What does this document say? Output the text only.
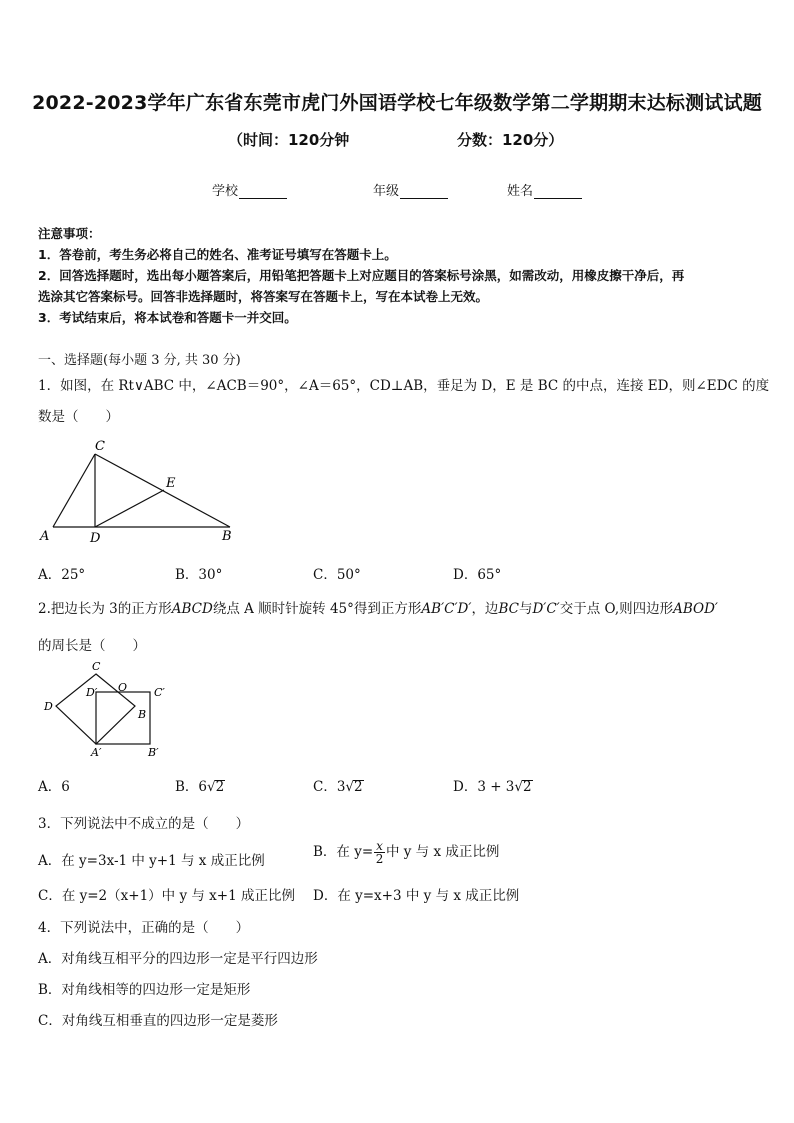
2022-2023学年广东省东莞市虎门外国语学校七年级数学第二学期期末达标测试试题
（时间：120分钟	分数：120分）
学校	年级	姓名
注意事项：
1．答卷前，考生务必将自己的姓名、准考证号填写在答题卡上。
2．回答选择题时，选出每小题答案后，用铅笔把答题卡上对应题目的答案标号涂黑，如需改动，用橡皮擦干净后，再
选涂其它答案标号。回答非选择题时，将答案写在答题卡上，写在本试卷上无效。
3．考试结束后，将本试卷和答题卡一并交回。
一、选择题(每小题 3 分, 共 30 分)
1．如图，在 Rt∨ABC 中，∠ACB＝90°，∠A＝65°，CD⊥AB，垂足为 D，E 是 BC 的中点，连接 ED，则∠EDC 的度
数是（　　）
C
E
A	D	B
A．25°	B．30°	C．50°	D．65°
2.把边长为 3的正方形ABCD绕点 A 顺时针旋转 45°得到正方形AB′C′D′，边BC与D′C′交于点 O,则四边形ABOD′
的周长是（　　）
C
D′ O C′
D
B
A′	B′
A．6	B．6√2	C．3√2	D．3 + 3√2
3．下列说法中不成立的是（　　）
A．在 y=3x-1 中 y+1 与 x 成正比例
B．在 $y= \frac{x}{2}$ 中 y 与 x 成正比例
C．在 y=2（x+1）中 y 与 x+1 成正比例 D．在 y=x+3 中 y 与 x 成正比例
4．下列说法中，正确的是（　　）
A．对角线互相平分的四边形一定是平行四边形
B．对角线相等的四边形一定是矩形
C．对角线互相垂直的四边形一定是菱形
